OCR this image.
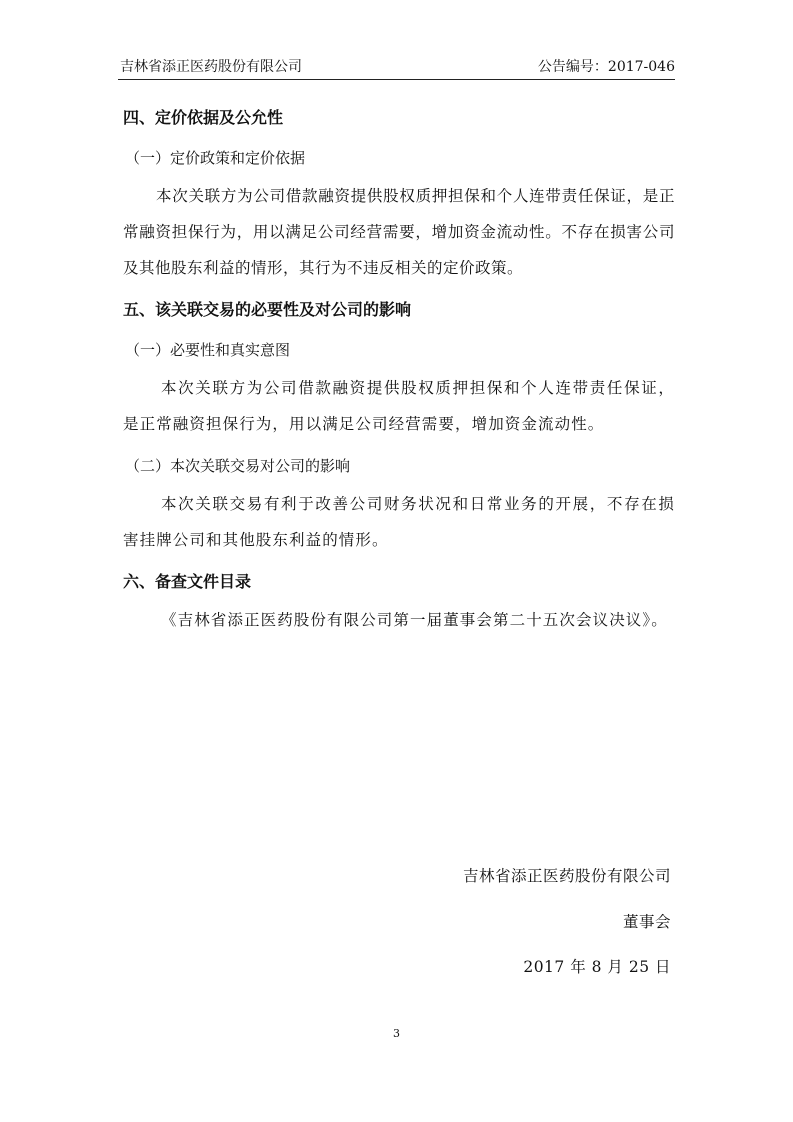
吉林省添正医药股份有限公司	公告编号：2017-046
四、定价依据及公允性
（一）定价政策和定价依据

本次关联方为公司借款融资提供股权质押担保和个人连带责任保证，是正常融资担保行为，用以满足公司经营需要，增加资金流动性。不存在损害公司及其他股东利益的情形，其行为不违反相关的定价政策。

五、该关联交易的必要性及对公司的影响
（一）必要性和真实意图

本次关联方为公司借款融资提供股权质押担保和个人连带责任保证，是正常融资担保行为，用以满足公司经营需要，增加资金流动性。

（二）本次关联交易对公司的影响

本次关联交易有利于改善公司财务状况和日常业务的开展，不存在损害挂牌公司和其他股东利益的情形。

六、备查文件目录

《吉林省添正医药股份有限公司第一届董事会第二十五次会议决议》。

吉林省添正医药股份有限公司
董事会
2017 年 8 月 25 日
3
